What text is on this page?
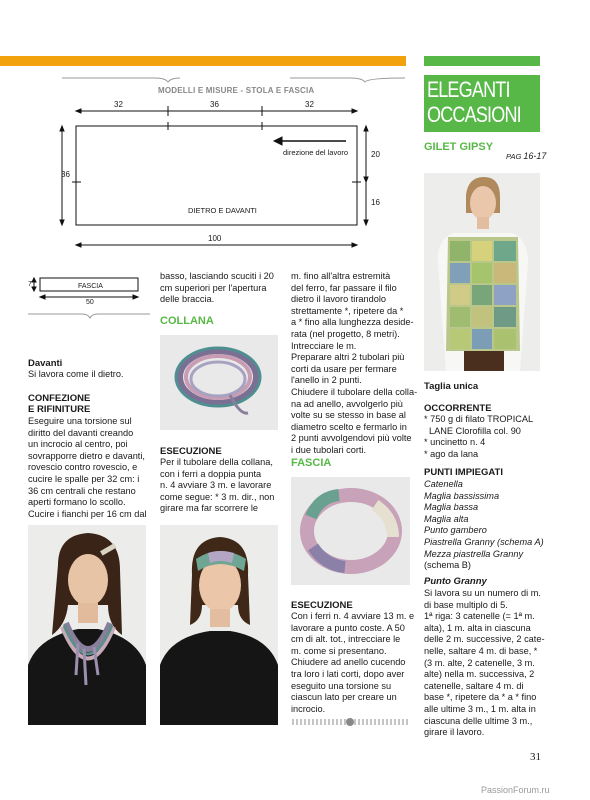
MODELLI E MISURE - STOLA E FASCIA
32	36	32
36
20
16
direzione del lavoro
DIETRO E DAVANTI
100
7	FASCIA
50
Davanti
Si lavora come il dietro.
CONFEZIONE
E RIFINITURE
Eseguire una torsione sul
diritto del davanti creando
un incrocio al centro, poi
sovrapporre dietro e davanti,
rovescio contro rovescio, e
cucire le spalle per 32 cm: i
36 cm centrali che restano
aperti formano lo scollo.
Cucire i fianchi per 16 cm dal
basso, lasciando scuciti i 20
cm superiori per l'apertura
delle braccia.
COLLANA
ESECUZIONE
Per il tubolare della collana,
con i ferri a doppia punta
n. 4 avviare 3 m. e lavorare
come segue: * 3 m. dir., non
girare ma far scorrere le
m. fino all'altra estremità
del ferro, far passare il filo
dietro il lavoro tirandolo
strettamente *, ripetere da *
a * fino alla lunghezza deside-
rata (nel progetto, 8 metri).
Intrecciare le m.
Preparare altri 2 tubolari più
corti da usare per fermare
l'anello in 2 punti.
Chiudere il tubolare della colla-
na ad anello, avvolgerlo più
volte su se stesso in base al
diametro scelto e fermarlo in
2 punti avvolgendovi più volte
i due tubolari corti.
FASCIA
ESECUZIONE
Con i ferri n. 4 avviare 13 m. e
lavorare a punto coste. A 50
cm di alt. tot., intrecciare le
m. come si presentano.
Chiudere ad anello cucendo
tra loro i lati corti, dopo aver
eseguito una torsione su
ciascun lato per creare un
incrocio.
ELEGANTI
OCCASIONI
GILET GIPSY
PAG 16-17
Taglia unica
OCCORRENTE
* 750 g di filato TROPICAL
LANE Clorofilla col. 90
* uncinetto n. 4
* ago da lana
PUNTI IMPIEGATI
Catenella
Maglia bassissima
Maglia bassa
Maglia alta
Punto gambero
Piastrella Granny (schema A)
Mezza piastrella Granny
(schema B)
Punto Granny
Si lavora su un numero di m.
di base multiplo di 5.
1ª riga: 3 catenelle (= 1ª m.
alta), 1 m. alta in ciascuna
delle 2 m. successive, 2 cate-
nelle, saltare 4 m. di base, *
(3 m. alte, 2 catenelle, 3 m.
alte) nella m. successiva, 2
catenelle, saltare 4 m. di
base *, ripetere da * a * fino
alle ultime 3 m., 1 m. alta in
ciascuna delle ultime 3 m.,
girare il lavoro.
31
PassionForum.ru
